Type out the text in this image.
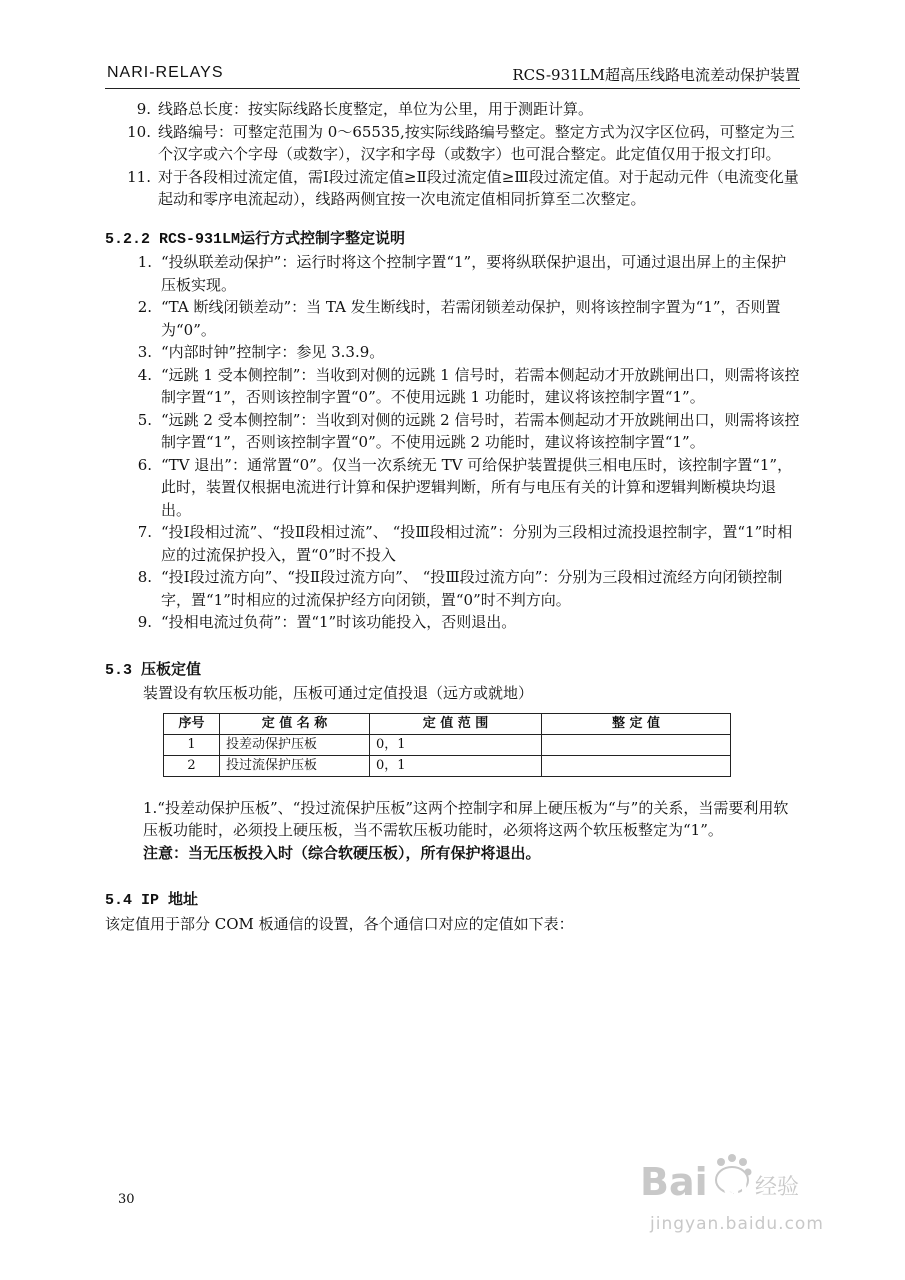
NARI-RELAYS	RCS-931LM超高压线路电流差动保护装置
9. 线路总长度：按实际线路长度整定，单位为公里，用于测距计算。
10. 线路编号：可整定范围为 0～65535,按实际线路编号整定。整定方式为汉字区位码，可整定为三个汉字或六个字母（或数字），汉字和字母（或数字）也可混合整定。此定值仅用于报文打印。
11. 对于各段相过流定值，需Ⅰ段过流定值≥Ⅱ段过流定值≥Ⅲ段过流定值。对于起动元件（电流变化量起动和零序电流起动），线路两侧宜按一次电流定值相同折算至二次整定。
5.2.2 RCS-931LM运行方式控制字整定说明
1. “投纵联差动保护”：运行时将这个控制字置“1”，要将纵联保护退出，可通过退出屏上的主保护压板实现。
2. “TA 断线闭锁差动”：当 TA 发生断线时，若需闭锁差动保护，则将该控制字置为“1”，否则置为“0”。
3. “内部时钟”控制字：参见 3.3.9。
4. “远跳 1 受本侧控制”：当收到对侧的远跳 1 信号时，若需本侧起动才开放跳闸出口，则需将该控制字置“1”，否则该控制字置“0”。不使用远跳 1 功能时，建议将该控制字置“1”。
5. “远跳 2 受本侧控制”：当收到对侧的远跳 2 信号时，若需本侧起动才开放跳闸出口，则需将该控制字置“1”，否则该控制字置“0”。不使用远跳 2 功能时，建议将该控制字置“1”。
6. “TV 退出”：通常置“0”。仅当一次系统无 TV 可给保护装置提供三相电压时，该控制字置“1”，此时，装置仅根据电流进行计算和保护逻辑判断，所有与电压有关的计算和逻辑判断模块均退出。
7. “投Ⅰ段相过流”、“投Ⅱ段相过流”、 “投Ⅲ段相过流”：分别为三段相过流投退控制字，置“1”时相应的过流保护投入，置“0”时不投入
8. “投Ⅰ段过流方向”、“投Ⅱ段过流方向”、 “投Ⅲ段过流方向”：分别为三段相过流经方向闭锁控制字，置“1”时相应的过流保护经方向闭锁，置“0”时不判方向。
9. “投相电流过负荷”：置“1”时该功能投入，否则退出。
5.3 压板定值
装置设有软压板功能，压板可通过定值投退（远方或就地）
序号	定 值 名 称	定 值 范 围	整 定 值
1	投差动保护压板	0，1	
2	投过流保护压板	0，1	
1.“投差动保护压板”、“投过流保护压板”这两个控制字和屏上硬压板为“与”的关系，当需要利用软压板功能时，必须投上硬压板，当不需软压板功能时，必须将这两个软压板整定为“1”。
注意：当无压板投入时（综合软硬压板），所有保护将退出。
5.4 IP 地址
该定值用于部分 COM 板通信的设置，各个通信口对应的定值如下表：
30	Bai du
经验
jingyan.baidu.com
